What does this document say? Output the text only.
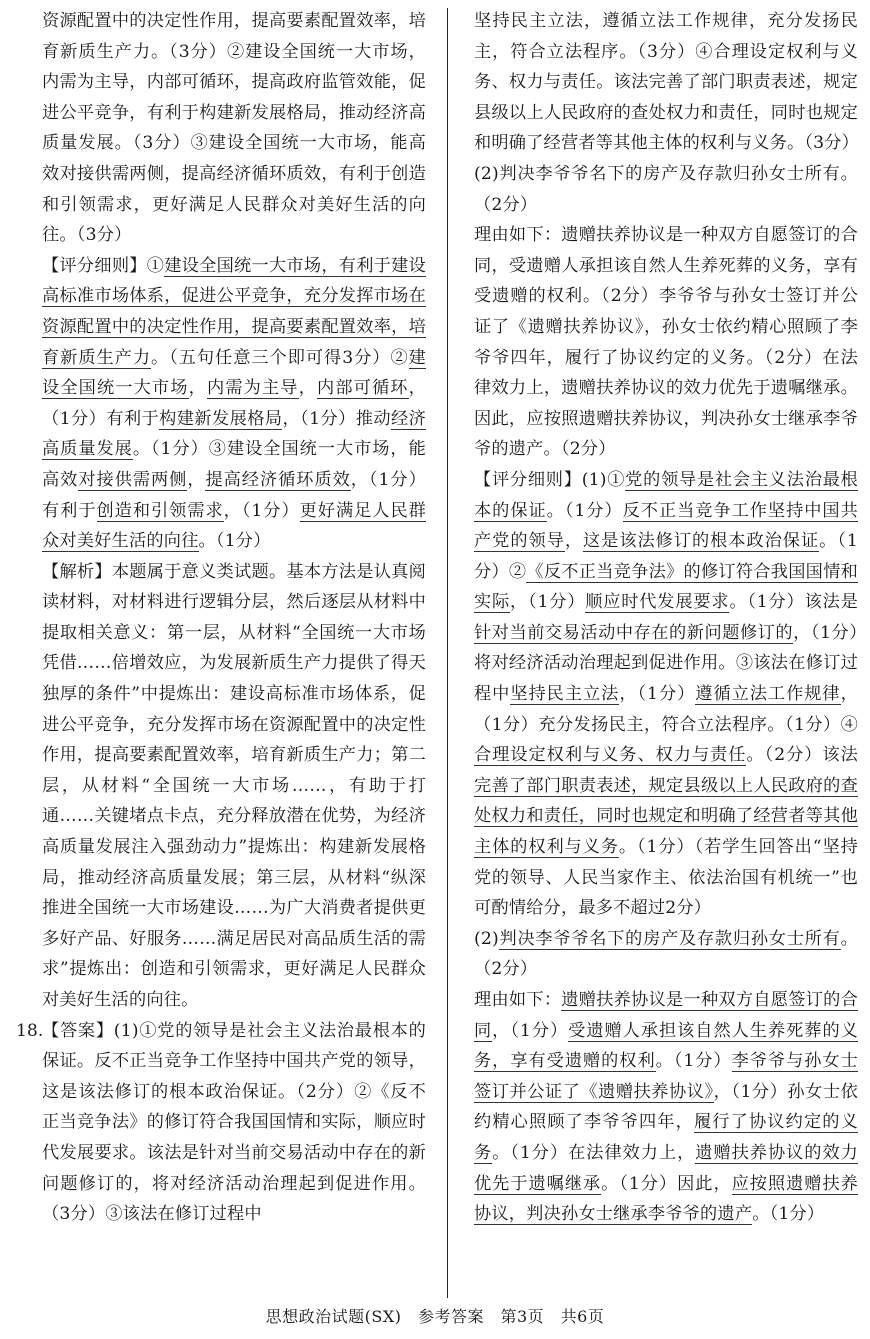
资源配置中的决定性作用，提高要素配置效率，培育新质生产力。（3分）②建设全国统一大市场，内需为主导，内部可循环，提高政府监管效能，促进公平竞争，有利于构建新发展格局，推动经济高质量发展。（3分）③建设全国统一大市场，能高效对接供需两侧，提高经济循环质效，有利于创造和引领需求，更好满足人民群众对美好生活的向往。（3分）

【评分细则】①建设全国统一大市场，有利于建设高标准市场体系，促进公平竞争，充分发挥市场在资源配置中的决定性作用，提高要素配置效率，培育新质生产力。（五句任意三个即可得3分）②建设全国统一大市场，内需为主导，内部可循环，（1分）有利于构建新发展格局，（1分）推动经济高质量发展。（1分）③建设全国统一大市场，能高效对接供需两侧，提高经济循环质效，（1分）有利于创造和引领需求，（1分）更好满足人民群众对美好生活的向往。（1分）

【解析】本题属于意义类试题。基本方法是认真阅读材料，对材料进行逻辑分层，然后逐层从材料中提取相关意义：第一层，从材料“全国统一大市场凭借……倍增效应，为发展新质生产力提供了得天独厚的条件”中提炼出：建设高标准市场体系，促进公平竞争，充分发挥市场在资源配置中的决定性作用，提高要素配置效率，培育新质生产力；第二层，从材料“全国统一大市场……，有助于打通……关键堵点卡点，充分释放潜在优势，为经济高质量发展注入强劲动力”提炼出：构建新发展格局，推动经济高质量发展；第三层，从材料“纵深推进全国统一大市场建设……为广大消费者提供更多好产品、好服务……满足居民对高品质生活的需求”提炼出：创造和引领需求，更好满足人民群众对美好生活的向往。

18.

【答案】(1)①党的领导是社会主义法治最根本的保证。反不正当竞争工作坚持中国共产党的领导，这是该法修订的根本政治保证。（2分）②《反不正当竞争法》的修订符合我国国情和实际，顺应时代发展要求。该法是针对当前交易活动中存在的新问题修订的，将对经济活动治理起到促进作用。（3分）③该法在修订过程中

坚持民主立法，遵循立法工作规律，充分发扬民主，符合立法程序。（3分）④合理设定权利与义务、权力与责任。该法完善了部门职责表述，规定县级以上人民政府的查处权力和责任，同时也规定和明确了经营者等其他主体的权利与义务。（3分）

(2)判决李爷爷名下的房产及存款归孙女士所有。（2分）

理由如下：遗赠扶养协议是一种双方自愿签订的合同，受遗赠人承担该自然人生养死葬的义务，享有受遗赠的权利。（2分）李爷爷与孙女士签订并公证了《遗赠扶养协议》，孙女士依约精心照顾了李爷爷四年，履行了协议约定的义务。（2分）在法律效力上，遗赠扶养协议的效力优先于遗嘱继承。因此，应按照遗赠扶养协议，判决孙女士继承李爷爷的遗产。（2分）

【评分细则】(1)①党的领导是社会主义法治最根本的保证。（1分）反不正当竞争工作坚持中国共产党的领导，这是该法修订的根本政治保证。（1分）②《反不正当竞争法》的修订符合我国国情和实际，（1分）顺应时代发展要求。（1分）该法是针对当前交易活动中存在的新问题修订的，（1分）将对经济活动治理起到促进作用。③该法在修订过程中坚持民主立法，（1分）遵循立法工作规律，（1分）充分发扬民主，符合立法程序。（1分）④合理设定权利与义务、权力与责任。（2分）该法完善了部门职责表述，规定县级以上人民政府的查处权力和责任，同时也规定和明确了经营者等其他主体的权利与义务。（1分）（若学生回答出“坚持党的领导、人民当家作主、依法治国有机统一”也可酌情给分，最多不超过2分）

(2)判决李爷爷名下的房产及存款归孙女士所有。（2分）

理由如下：遗赠扶养协议是一种双方自愿签订的合同，（1分）受遗赠人承担该自然人生养死葬的义务，享有受遗赠的权利。（1分）李爷爷与孙女士签订并公证了《遗赠扶养协议》，（1分）孙女士依约精心照顾了李爷爷四年，履行了协议约定的义务。（1分）在法律效力上，遗赠扶养协议的效力优先于遗嘱继承。（1分）因此，应按照遗赠扶养协议，判决孙女士继承李爷爷的遗产。（1分）

思想政治试题(SX)　参考答案　第3页　共6页
